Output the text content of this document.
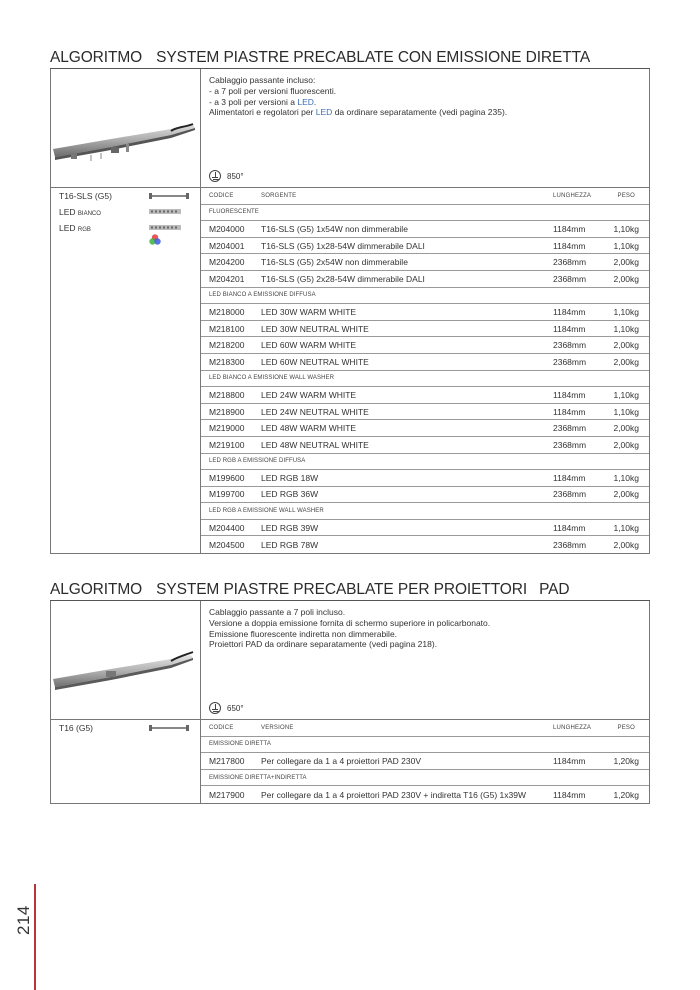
ALGORITMO SYSTEM PIASTRE PRECABLATE CON EMISSIONE DIRETTA
Cablaggio passante incluso:
- a 7 poli per versioni fluorescenti.
- a 3 poli per versioni a LED.
Alimentatori e regolatori per LED da ordinare separatamente (vedi pagina 235).
850°
T16-SLS (G5)
LED BIANCO
LED RGB
CODICE	SORGENTE	LUNGHEZZA	PESO
FLUORESCENTE
M204000 T16-SLS (G5) 1x54W non dimmerabile	1184mm	1,10kg
M204001 T16-SLS (G5) 1x28-54W dimmerabile DALI	1184mm	1,10kg
M204200 T16-SLS (G5) 2x54W non dimmerabile	2368mm	2,00kg
M204201 T16-SLS (G5) 2x28-54W dimmerabile DALI	2368mm	2,00kg
LED BIANCO A EMISSIONE DIFFUSA
M218000 LED 30W WARM WHITE	1184mm	1,10kg
M218100 LED 30W NEUTRAL WHITE	1184mm	1,10kg
M218200 LED 60W WARM WHITE	2368mm	2,00kg
M218300 LED 60W NEUTRAL WHITE	2368mm	2,00kg
LED BIANCO A EMISSIONE WALL WASHER
M218800 LED 24W WARM WHITE	1184mm	1,10kg
M218900 LED 24W NEUTRAL WHITE	1184mm	1,10kg
M219000 LED 48W WARM WHITE	2368mm	2,00kg
M219100 LED 48W NEUTRAL WHITE	2368mm	2,00kg
LED RGB A EMISSIONE DIFFUSA
M199600 LED RGB 18W	1184mm	1,10kg
M199700 LED RGB 36W	2368mm	2,00kg
LED RGB A EMISSIONE WALL WASHER
M204400 LED RGB 39W	1184mm	1,10kg
M204500 LED RGB 78W	2368mm	2,00kg
ALGORITMO SYSTEM PIASTRE PRECABLATE PER PROIETTORI PAD
Cablaggio passante a 7 poli incluso.
Versione a doppia emissione fornita di schermo superiore in policarbonato.
Emissione fluorescente indiretta non dimmerabile.
Proiettori PAD da ordinare separatamente (vedi pagina 218).
650°
T16 (G5)	CODICE	VERSIONE	LUNGHEZZA	PESO
EMISSIONE DIRETTA
M217800 Per collegare da 1 a 4 proiettori PAD 230V	1184mm	1,20kg
EMISSIONE DIRETTA+INDIRETTA
M217900 Per collegare da 1 a 4 proiettori PAD 230V + indiretta T16 (G5) 1x39W	1184mm	1,20kg
214
